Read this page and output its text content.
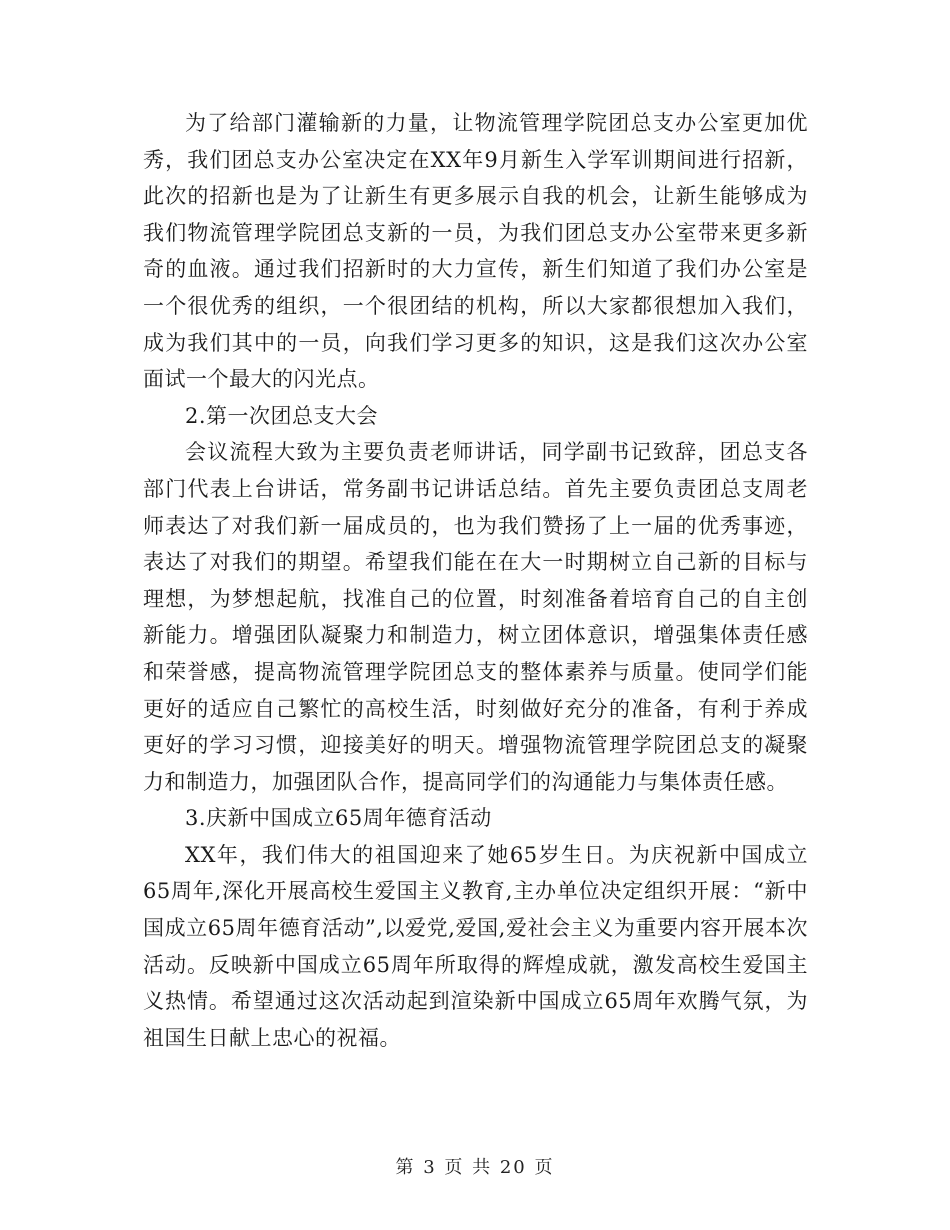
为了给部门灌输新的力量，让物流管理学院团总支办公室更加优秀，我们团总支办公室决定在XX年9月新生入学军训期间进行招新，此次的招新也是为了让新生有更多展示自我的机会，让新生能够成为我们物流管理学院团总支新的一员，为我们团总支办公室带来更多新奇的血液。通过我们招新时的大力宣传，新生们知道了我们办公室是一个很优秀的组织，一个很团结的机构，所以大家都很想加入我们，成为我们其中的一员，向我们学习更多的知识，这是我们这次办公室面试一个最大的闪光点。

2.第一次团总支大会

会议流程大致为主要负责老师讲话，同学副书记致辞，团总支各部门代表上台讲话，常务副书记讲话总结。首先主要负责团总支周老师表达了对我们新一届成员的，也为我们赞扬了上一届的优秀事迹，表达了对我们的期望。希望我们能在在大一时期树立自己新的目标与理想，为梦想起航，找准自己的位置，时刻准备着培育自己的自主创新能力。增强团队凝聚力和制造力，树立团体意识，增强集体责任感和荣誉感，提高物流管理学院团总支的整体素养与质量。使同学们能更好的适应自己繁忙的高校生活，时刻做好充分的准备，有利于养成更好的学习习惯，迎接美好的明天。增强物流管理学院团总支的凝聚力和制造力，加强团队合作，提高同学们的沟通能力与集体责任感。

3.庆新中国成立65周年德育活动

XX年，我们伟大的祖国迎来了她65岁生日。为庆祝新中国成立65周年,深化开展高校生爱国主义教育,主办单位决定组织开展：“新中国成立65周年德育活动”,以爱党,爱国,爱社会主义为重要内容开展本次活动。反映新中国成立65周年所取得的辉煌成就，激发高校生爱国主义热情。希望通过这次活动起到渲染新中国成立65周年欢腾气氛，为祖国生日献上忠心的祝福。

第 3 页 共 20 页
